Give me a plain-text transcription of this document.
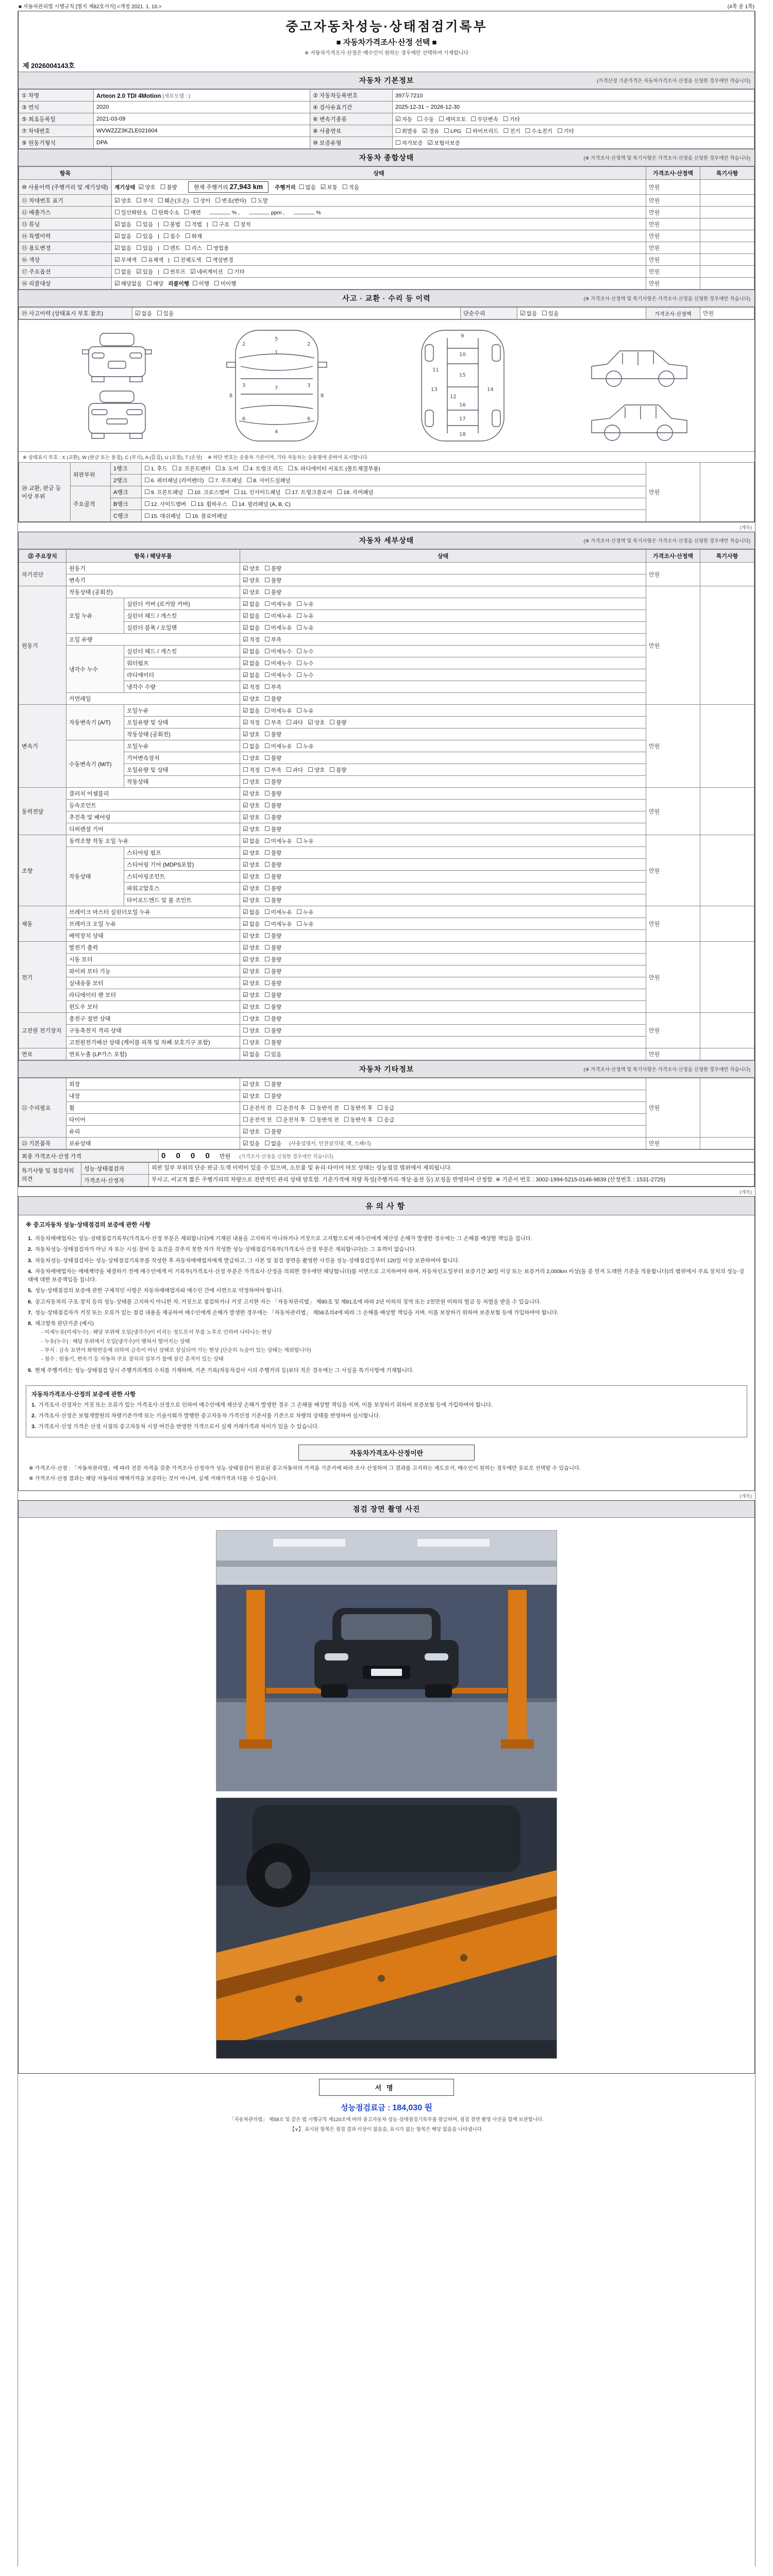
■ 자동차관리법 시행규칙 [별지 제82호서식] <개정 2021. 1. 16.>	(4쪽 중 1쪽)
중고자동차성능·상태점검기록부
■ 자동차가격조사·산정 선택 ■
※ 자동차가격조사·산정은 매수인이 원하는 경우에만 선택하여 기재합니다
제 2026004143호
자동차 기본정보	(가격산정 기준가격은 자동차가격조사·산정을 신청한 경우에만 적습니다)
① 차명	Arteon 2.0 TDI 4Motion (세부모델 : )	② 자동차등록번호	397두7210
③ 연식	2020	④ 검사유효기간	2025-12-31 ~ 2026-12-30
⑤ 최초등록일	2021-03-09	⑥ 변속기종류	☑ 자동 ☐ 수동 ☐ 세미오토 ☐ 무단변속 ☐ 기타
⑦ 차대번호	WVWZZZ3KZLE021604	⑧ 사용연료	☐ 휘발유 ☑ 경유 ☐ LPG ☐ 하이브리드 ☐ 전기 ☐ 수소전기 ☐ 기타
⑨ 원동기형식	DPA	⑩ 보증유형	☐ 자가보증 ☑ 보험사보증
자동차 종합상태	(※ 가격조사·산정액 및 특기사항은 가격조사·산정을 신청한 경우에만 적습니다)
항목	상태	가격조사·산정액	특기사항
⑩ 사용이력 (주행거리 및 계기상태)	계기상태 ☑ 양호 ☐ 불량 현재 주행거리 27,943 km 주행거리 ☐ 많음 ☑ 보통 ☐ 적음	만원	
⑪ 차대번호 표기	☑ 양호 ☐ 부식 ☐ 훼손(오손) ☐ 상이 ☐ 변조(변타) ☐ 도말	만원	
⑫ 배출가스	☐ 일산화탄소 ☐ 탄화수소 ☐ 매연 % , ppm , %	만원	
⑬ 튜닝	☑ 없음 ☐ 있음 | ☐ 불법 ☐ 적법 | ☐ 구조 ☐ 장치	만원	
⑭ 특별이력	☑ 없음 ☐ 있음 | ☐ 침수 ☐ 화재	만원	
⑮ 용도변경	☑ 없음 ☐ 있음 | ☐ 렌트 ☐ 리스 ☐ 영업용	만원	
⑯ 색상	☑ 무채색 ☐ 유채색 | ☐ 전체도색 ☐ 색상변경	만원	
⑰ 주요옵션	☐ 없음 ☑ 있음 | ☐ 썬루프 ☑ 네비게이션 ☐ 기타	만원	
⑱ 리콜대상	☑ 해당없음 ☐ 해당 리콜이행 ☐ 이행 ☐ 미이행	만원	
사고 · 교환 · 수리 등 이력	(※ 가격조사·산정액 및 특기사항은 가격조사·산정을 신청한 경우에만 적습니다)
⑲ 사고이력 (상태표시 부호 참조)	☑ 없음 ☐ 있음	단순수리	☑ 없음 ☐ 있음	가격조사·산정액	만원
5
1
7
4
2	2
3	3
6	6
8	8
9
10
11
15
12
13	14
16
17
18
※ 상태표시 부호 : X (교환), W (판금 또는 용접), C (부식), A (흠집), U (요철), T (손상) ※ 하단 번호는 승용차 기준이며, 기타 자동차는 승용형에 준하여 표시합니다.
⑳ 교환, 판금 등 이상 부위	외판부위	1랭크	☐ 1. 후드 ☐ 2. 프론트펜더 ☐ 3. 도어 ☐ 4. 트렁크 리드 ☐ 5. 라디에이터 서포트 (볼트체결부품)	만원	
		2랭크	☐ 6. 쿼터패널 (리어펜더) ☐ 7. 루프패널 ☐ 8. 사이드실패널		
	주요골격	A랭크	☐ 9. 프론트패널 ☐ 10. 크로스멤버 ☐ 11. 인사이드패널 ☐ 17. 트렁크플로어 ☐ 18. 리어패널		
		B랭크	☐ 12. 사이드멤버 ☐ 13. 휠하우스 ☐ 14. 필러패널 (A, B, C)		
		C랭크	☐ 15. 대쉬패널 ☐ 16. 플로어패널		
(계속)
자동차 세부상태	(※ 가격조사·산정액 및 특기사항은 가격조사·산정을 신청한 경우에만 적습니다)
㉑ 주요장치	항목 / 해당부품		상태	가격조사·산정액	특기사항
자기진단	원동기		☑ 양호 ☐ 불량	만원	
	변속기		☑ 양호 ☐ 불량		
원동기	작동상태 (공회전)		☑ 양호 ☐ 불량	만원	
	오일 누유	실린더 커버 (로커암 커버)	☑ 없음 ☐ 미세누유 ☐ 누유		
		실린더 헤드 / 개스킷	☑ 없음 ☐ 미세누유 ☐ 누유		
		실린더 블록 / 오일팬	☑ 없음 ☐ 미세누유 ☐ 누유		
	오일 유량		☑ 적정 ☐ 부족		
	냉각수 누수	실린더 헤드 / 개스킷	☑ 없음 ☐ 미세누수 ☐ 누수		
		워터펌프	☑ 없음 ☐ 미세누수 ☐ 누수		
		라디에이터	☑ 없음 ☐ 미세누수 ☐ 누수		
		냉각수 수량	☑ 적정 ☐ 부족		
	커먼레일		☑ 양호 ☐ 불량		
변속기	자동변속기 (A/T)	오일누유	☑ 없음 ☐ 미세누유 ☐ 누유	만원	
		오일유량 및 상태	☑ 적정 ☐ 부족 ☐ 과다 ☑ 양호 ☐ 불량		
		작동상태 (공회전)	☑ 양호 ☐ 불량		
	수동변속기 (M/T)	오일누유	☐ 없음 ☐ 미세누유 ☐ 누유		
		기어변속장치	☐ 양호 ☐ 불량		
		오일유량 및 상태	☐ 적정 ☐ 부족 ☐ 과다 ☐ 양호 ☐ 불량		
		작동상태	☐ 양호 ☐ 불량		
동력전달	클러치 어셈블리		☑ 양호 ☐ 불량	만원	
	등속조인트		☑ 양호 ☐ 불량		
	추진축 및 베어링		☑ 양호 ☐ 불량		
	디퍼렌셜 기어		☑ 양호 ☐ 불량		
조향	동력조향 작동 오일 누유		☑ 없음 ☐ 미세누유 ☐ 누유	만원	
	작동상태	스티어링 펌프	☑ 양호 ☐ 불량		
		스티어링 기어 (MDPS포함)	☑ 양호 ☐ 불량		
		스티어링조인트	☑ 양호 ☐ 불량		
		파워고압호스	☑ 양호 ☐ 불량		
		타이로드엔드 및 볼 조인트	☑ 양호 ☐ 불량		
제동	브레이크 마스터 실린더오일 누유		☑ 없음 ☐ 미세누유 ☐ 누유	만원	
	브레이크 오일 누유		☑ 없음 ☐ 미세누유 ☐ 누유		
	배력장치 상태		☑ 양호 ☐ 불량		
전기	발전기 출력		☑ 양호 ☐ 불량	만원	
	시동 모터		☑ 양호 ☐ 불량		
	와이퍼 모터 기능		☑ 양호 ☐ 불량		
	실내송풍 모터		☑ 양호 ☐ 불량		
	라디에이터 팬 모터		☑ 양호 ☐ 불량		
	윈도우 모터		☑ 양호 ☐ 불량		
고전원 전기장치	충전구 절연 상태		☐ 양호 ☐ 불량	만원	
	구동축전지 격리 상태		☐ 양호 ☐ 불량		
	고전원전기배선 상태 (케이블 피복 및 차폐·보호기구 포함)		☐ 양호 ☐ 불량		
연료	연료누출 (LP가스 포함)		☑ 없음 ☐ 있음	만원	
자동차 기타정보	(※ 가격조사·산정액 및 특기사항은 가격조사·산정을 신청한 경우에만 적습니다)
㉒ 수리필요	외장	☑ 양호 ☐ 불량	만원	
	내장	☑ 양호 ☐ 불량		
	휠	☐ 운전석 전 ☐ 운전석 후 ☐ 동반석 전 ☐ 동반석 후 ☐ 응급		
	타이어	☐ 운전석 전 ☐ 운전석 후 ☐ 동반석 전 ☐ 동반석 후 ☐ 응급		
	유리	☑ 양호 ☐ 불량		
㉓ 기본품목	보유상태	☑ 있음 ☐ 없음 (사용설명서, 안전삼각대, 잭, 스패너)	만원	
최종 가격조사·산정 가격	0 0 0 0 만원 (가격조사·산정을 신청한 경우에만 적습니다)
특기사항 및 점검자의 의견	성능·상태점검자	외판 일부 부위의 단순 판금·도색 이력이 있을 수 있으며, 소모품 및 유리·타이어 마모 상태는 성능점검 범위에서 제외됩니다.
	가격조사·산정자	무사고, 비교적 짧은 주행거리의 차량으로 전반적인 관리 상태 양호함. 기준가격에 차량 특성(주행거리·색상·옵션 등) 보정을 반영하여 산정함. ※ 기준서 번호 : 3002-1994-5215-0146-9839 (산정번호 : 1531-2725)
(계속)
유의사항
※ 중고자동차 성능·상태점검의 보증에 관한 사항
1. 자동차매매업자는 성능·상태점검기록부(가격조사·산정 부분은 제외합니다)에 기재된 내용을 고지하지 아니하거나 거짓으로 고지함으로써 매수인에게 재산상 손해가 발생한 경우에는 그 손해를 배상할 책임을 집니다.
2. 자동차성능·상태점검자가 아닌 자 또는 시설·장비 등 요건을 갖추지 못한 자가 작성한 성능·상태점검기록부(가격조사·산정 부분은 제외합니다)는 그 효력이 없습니다.
3. 자동차성능·상태점검자는 성능·상태점검기록부를 작성한 후 자동차매매업자에게 발급하고, 그 사본 및 점검 장면을 촬영한 사진을 성능·상태점검일부터 120일 이상 보관하여야 합니다.
4. 자동차매매업자는 매매계약을 체결하기 전에 매수인에게 이 기록부(가격조사·산정 부분은 가격조사·산정을 의뢰한 경우에만 해당합니다)를 서면으로 고지하여야 하며, 자동차인도일부터 보증기간 30일 이상 또는 보증거리 2,000km 이상(둘 중 먼저 도래한 기준을 적용합니다)의 범위에서 주요 장치의 성능·상태에 대한 보증책임을 집니다.
5. 성능·상태점검의 보증에 관한 구체적인 사항은 자동차매매업자와 매수인 간에 서면으로 약정하여야 합니다.
6. 중고자동차의 구조·장치 등의 성능·상태를 고지하지 아니한 자, 거짓으로 점검하거나 거짓 고지한 자는 「자동차관리법」 제80조 및 제81조에 따라 2년 이하의 징역 또는 2천만원 이하의 벌금 등 처벌을 받을 수 있습니다.
7. 성능·상태점검자가 거짓 또는 오류가 있는 점검 내용을 제공하여 매수인에게 손해가 발생한 경우에는 「자동차관리법」 제58조의4에 따라 그 손해를 배상할 책임을 지며, 이를 보장하기 위하여 보증보험 등에 가입하여야 합니다.
8. 체크항목 판단기준 (예시)
- 미세누유(미세누수) : 해당 부위에 오일(냉각수)이 비치는 정도로서 부품 노후로 인하여 나타나는 현상
- 누유(누수) : 해당 부위에서 오일(냉각수)이 맺혀서 떨어지는 상태
- 부식 : 금속 표면이 화학반응에 의하여 금속이 아닌 상태로 상실되어 가는 현상 (단순히 녹슬어 있는 상태는 제외합니다)
- 침수 : 원동기, 변속기 등 자동차 주요 장치의 일부가 물에 잠긴 흔적이 있는 상태
9. 현재 주행거리는 성능·상태점검 당시 주행거리계의 수치를 기재하며, 기존 기록(자동차검사 시의 주행거리 등)보다 적은 경우에는 그 사실을 특기사항에 기재합니다.
자동차가격조사·산정의 보증에 관한 사항
1. 가격조사·산정자는 거짓 또는 오류가 있는 가격조사·산정으로 인하여 매수인에게 재산상 손해가 발생한 경우 그 손해를 배상할 책임을 지며, 이를 보장하기 위하여 보증보험 등에 가입하여야 합니다.
2. 가격조사·산정은 보험개발원의 차량기준가액 또는 기술사회가 발행한 중고자동차 가격산정 기준서를 기준으로 차량의 상태를 반영하여 실시합니다.
3. 가격조사·산정 가격은 산정 시점의 중고자동차 시장 여건을 반영한 가격으로서 실제 거래가격과 차이가 있을 수 있습니다.
자동차가격조사·산정이란
※ 가격조사·산정 : 「자동차관리법」에 따라 전문 자격을 갖춘 가격조사·산정자가 성능·상태점검이 완료된 중고자동차의 가격을 기준서에 따라 조사·산정하여 그 결과를 고지하는 제도로서, 매수인이 원하는 경우에만 유료로 선택할 수 있습니다.
※ 가격조사·산정 결과는 해당 자동차의 매매가격을 보증하는 것이 아니며, 실제 거래가격과 다를 수 있습니다.
(계속)
점검 장면 촬영 사진
서명
성능점검료금 : 184,030 원
「자동차관리법」 제58조 및 같은 법 시행규칙 제120조에 따라 중고자동차 성능·상태점검기록부를 발급하며, 점검 장면 촬영 사진을 함께 보관합니다.
【∨】 표시된 항목은 점검 결과 이상이 없음을, 표시가 없는 항목은 해당 없음을 나타냅니다.
